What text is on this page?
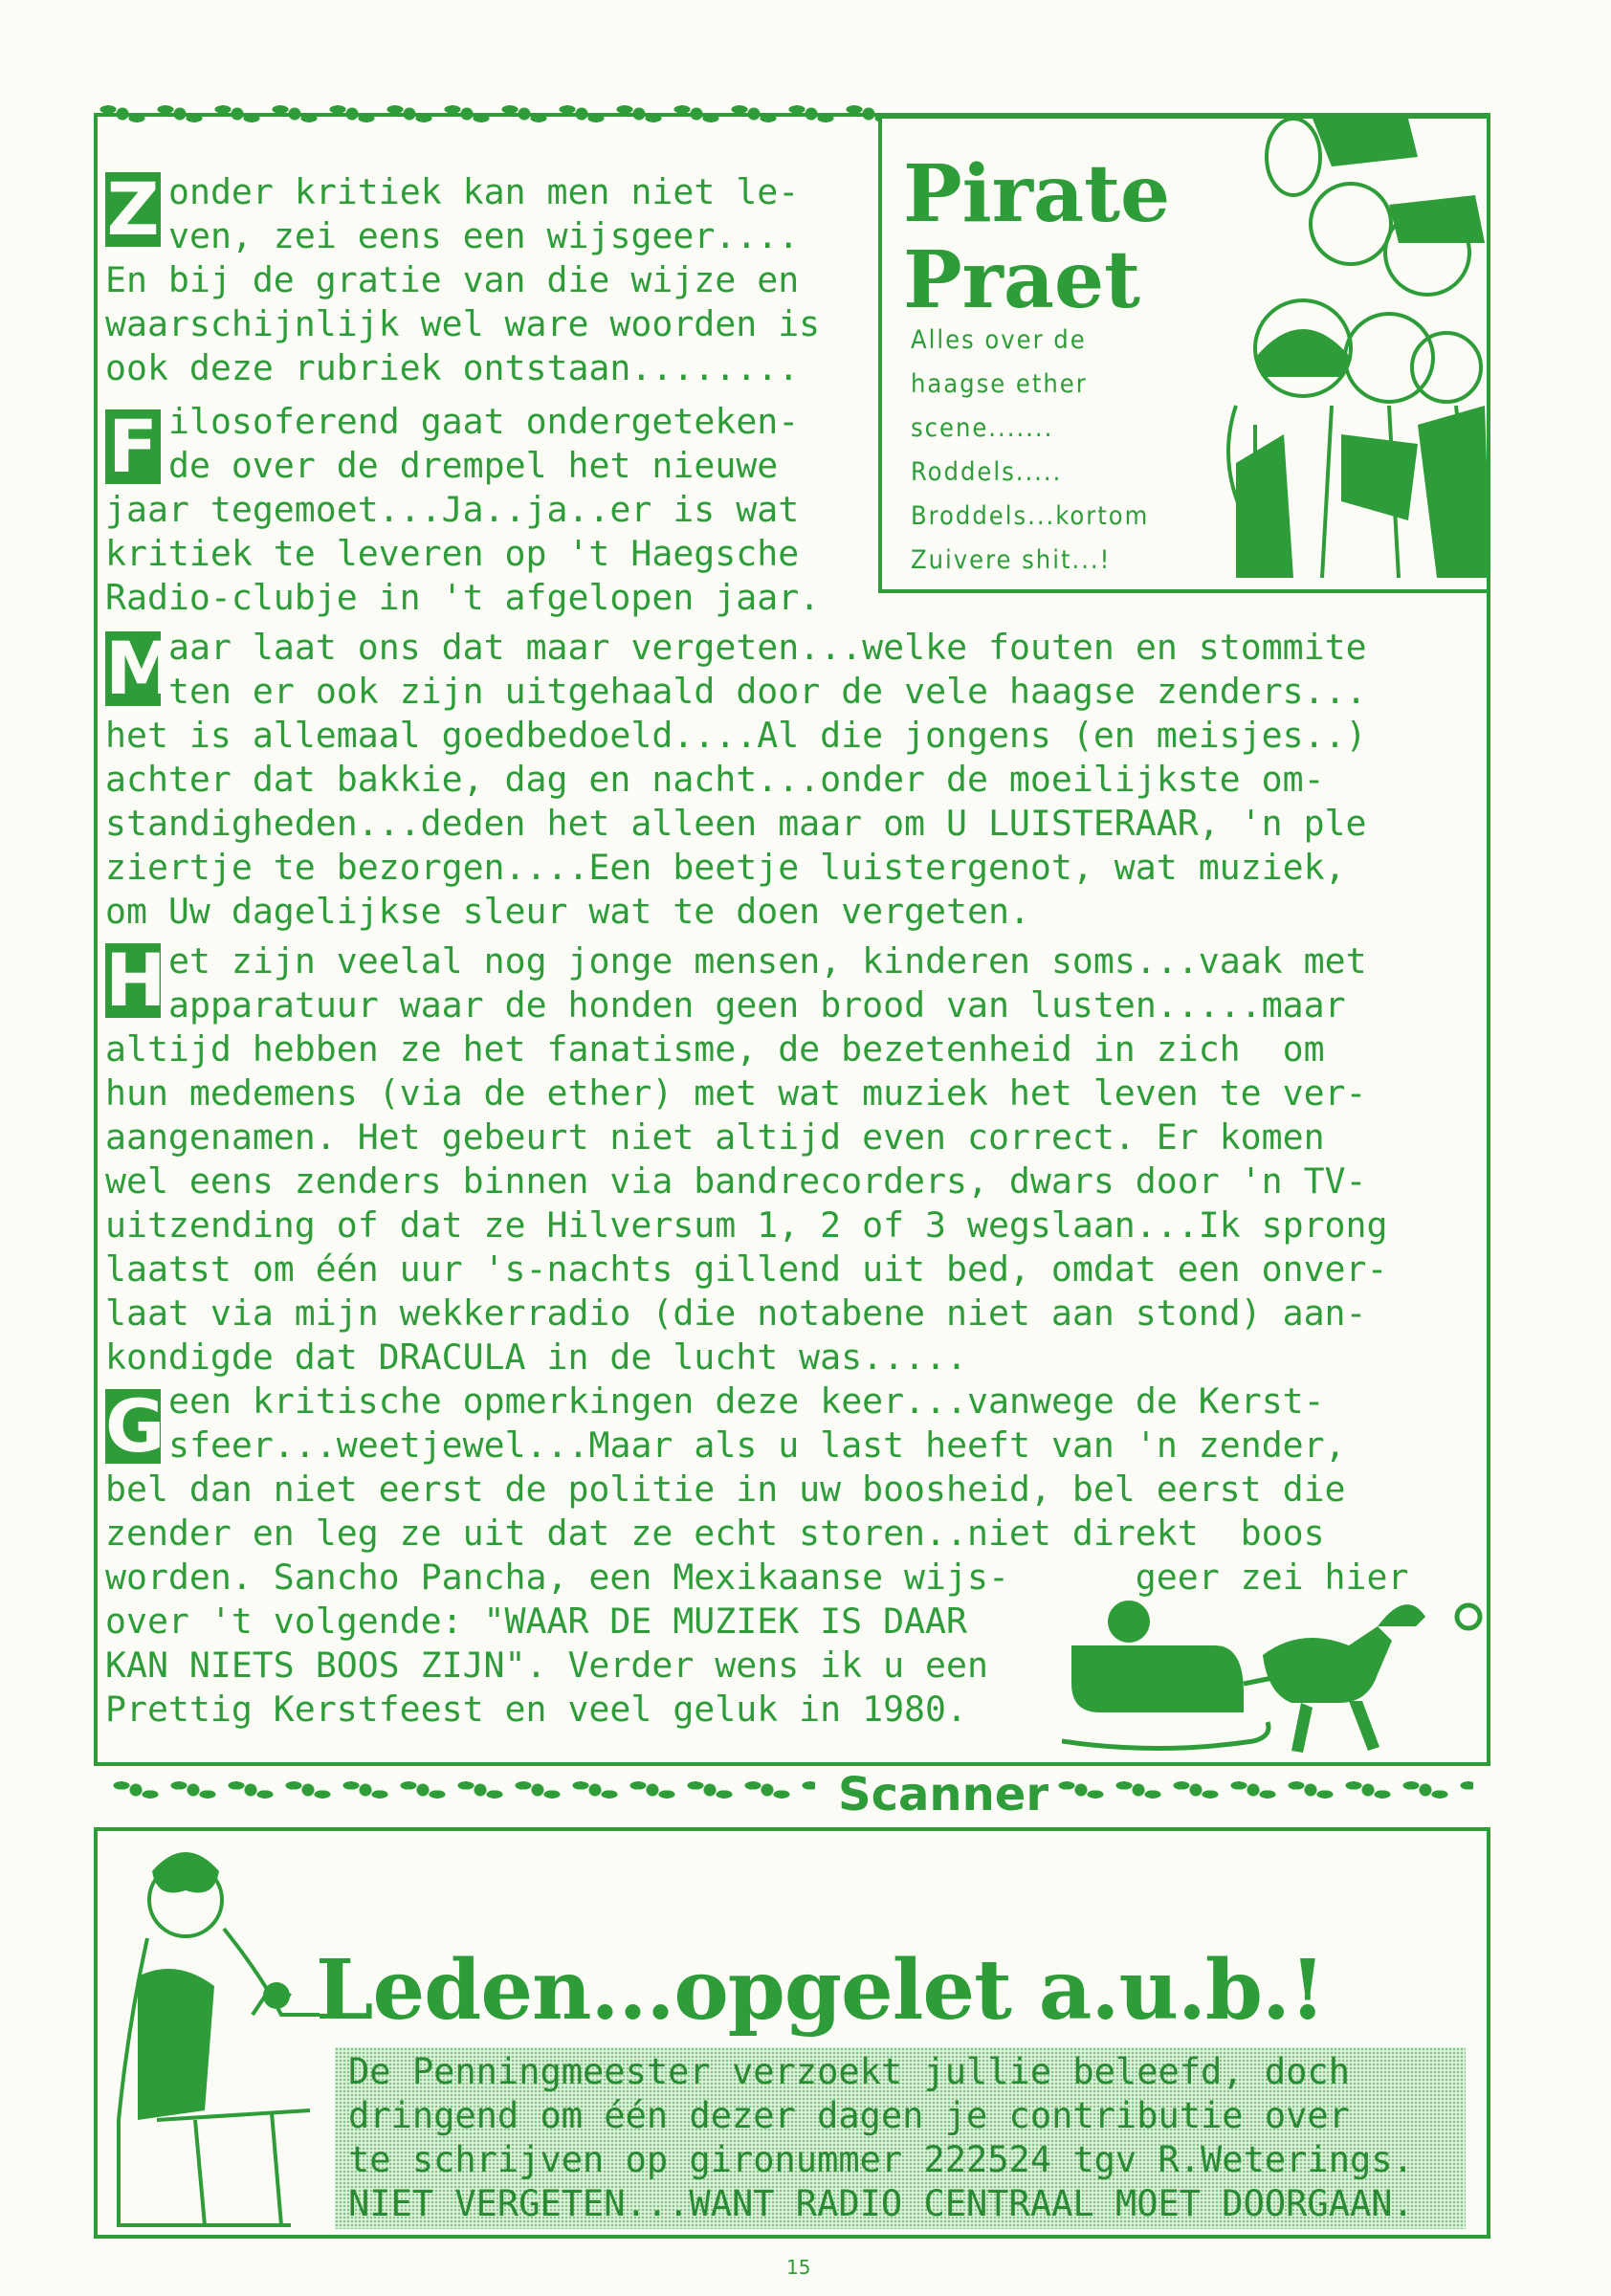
Pirate
Praet
Alles over de
haagse ether
scene.......
Roddels.....
Broddels...kortom
Zuivere shit...!
Z onder kritiek kan men niet le-
ven, zei eens een wijsgeer....
En bij de gratie van die wijze en
waarschijnlijk wel ware woorden is
ook deze rubriek ontstaan........
F ilosoferend gaat ondergeteken-
de over de drempel het nieuwe
jaar tegemoet...Ja..ja..er is wat
kritiek te leveren op 't Haegsche
Radio-clubje in 't afgelopen jaar.
M
aar laat ons dat maar vergeten...welke fouten en stommite
ten er ook zijn uitgehaald door de vele haagse zenders...
het is allemaal goedbedoeld....Al die jongens (en meisjes..)
achter dat bakkie, dag en nacht...onder de moeilijkste om-
standigheden...deden het alleen maar om U LUISTERAAR, 'n ple
ziertje te bezorgen....Een beetje luistergenot, wat muziek,
om Uw dagelijkse sleur wat te doen vergeten.
H et zijn veelal nog jonge mensen, kinderen soms...vaak met
apparatuur waar de honden geen brood van lusten.....maar
altijd hebben ze het fanatisme, de bezetenheid in zich  om
hun medemens (via de ether) met wat muziek het leven te ver-
aangenamen. Het gebeurt niet altijd even correct. Er komen
wel eens zenders binnen via bandrecorders, dwars door 'n TV-
uitzending of dat ze Hilversum 1, 2 of 3 wegslaan...Ik sprong
laatst om één uur 's-nachts gillend uit bed, omdat een onver-
laat via mijn wekkerradio (die notabene niet aan stond) aan-
kondigde dat DRACULA in de lucht was.....
G een kritische opmerkingen deze keer...vanwege de Kerst-
sfeer...weetjewel...Maar als u last heeft van 'n zender,
bel dan niet eerst de politie in uw boosheid, bel eerst die
zender en leg ze uit dat ze echt storen..niet direkt  boos
worden. Sancho Pancha, een Mexikaanse wijs-      geer zei hier
over 't volgende: "WAAR DE MUZIEK IS DAAR
KAN NIETS BOOS ZIJN". Verder wens ik u een
Prettig Kerstfeest en veel geluk in 1980.
Scanner
Leden...opgelet a.u.b.!
De Penningmeester verzoekt jullie beleefd, doch
dringend om één dezer dagen je contributie over
te schrijven op gironummer 222524 tgv R.Weterings.
NIET VERGETEN...WANT RADIO CENTRAAL MOET DOORGAAN.
15
